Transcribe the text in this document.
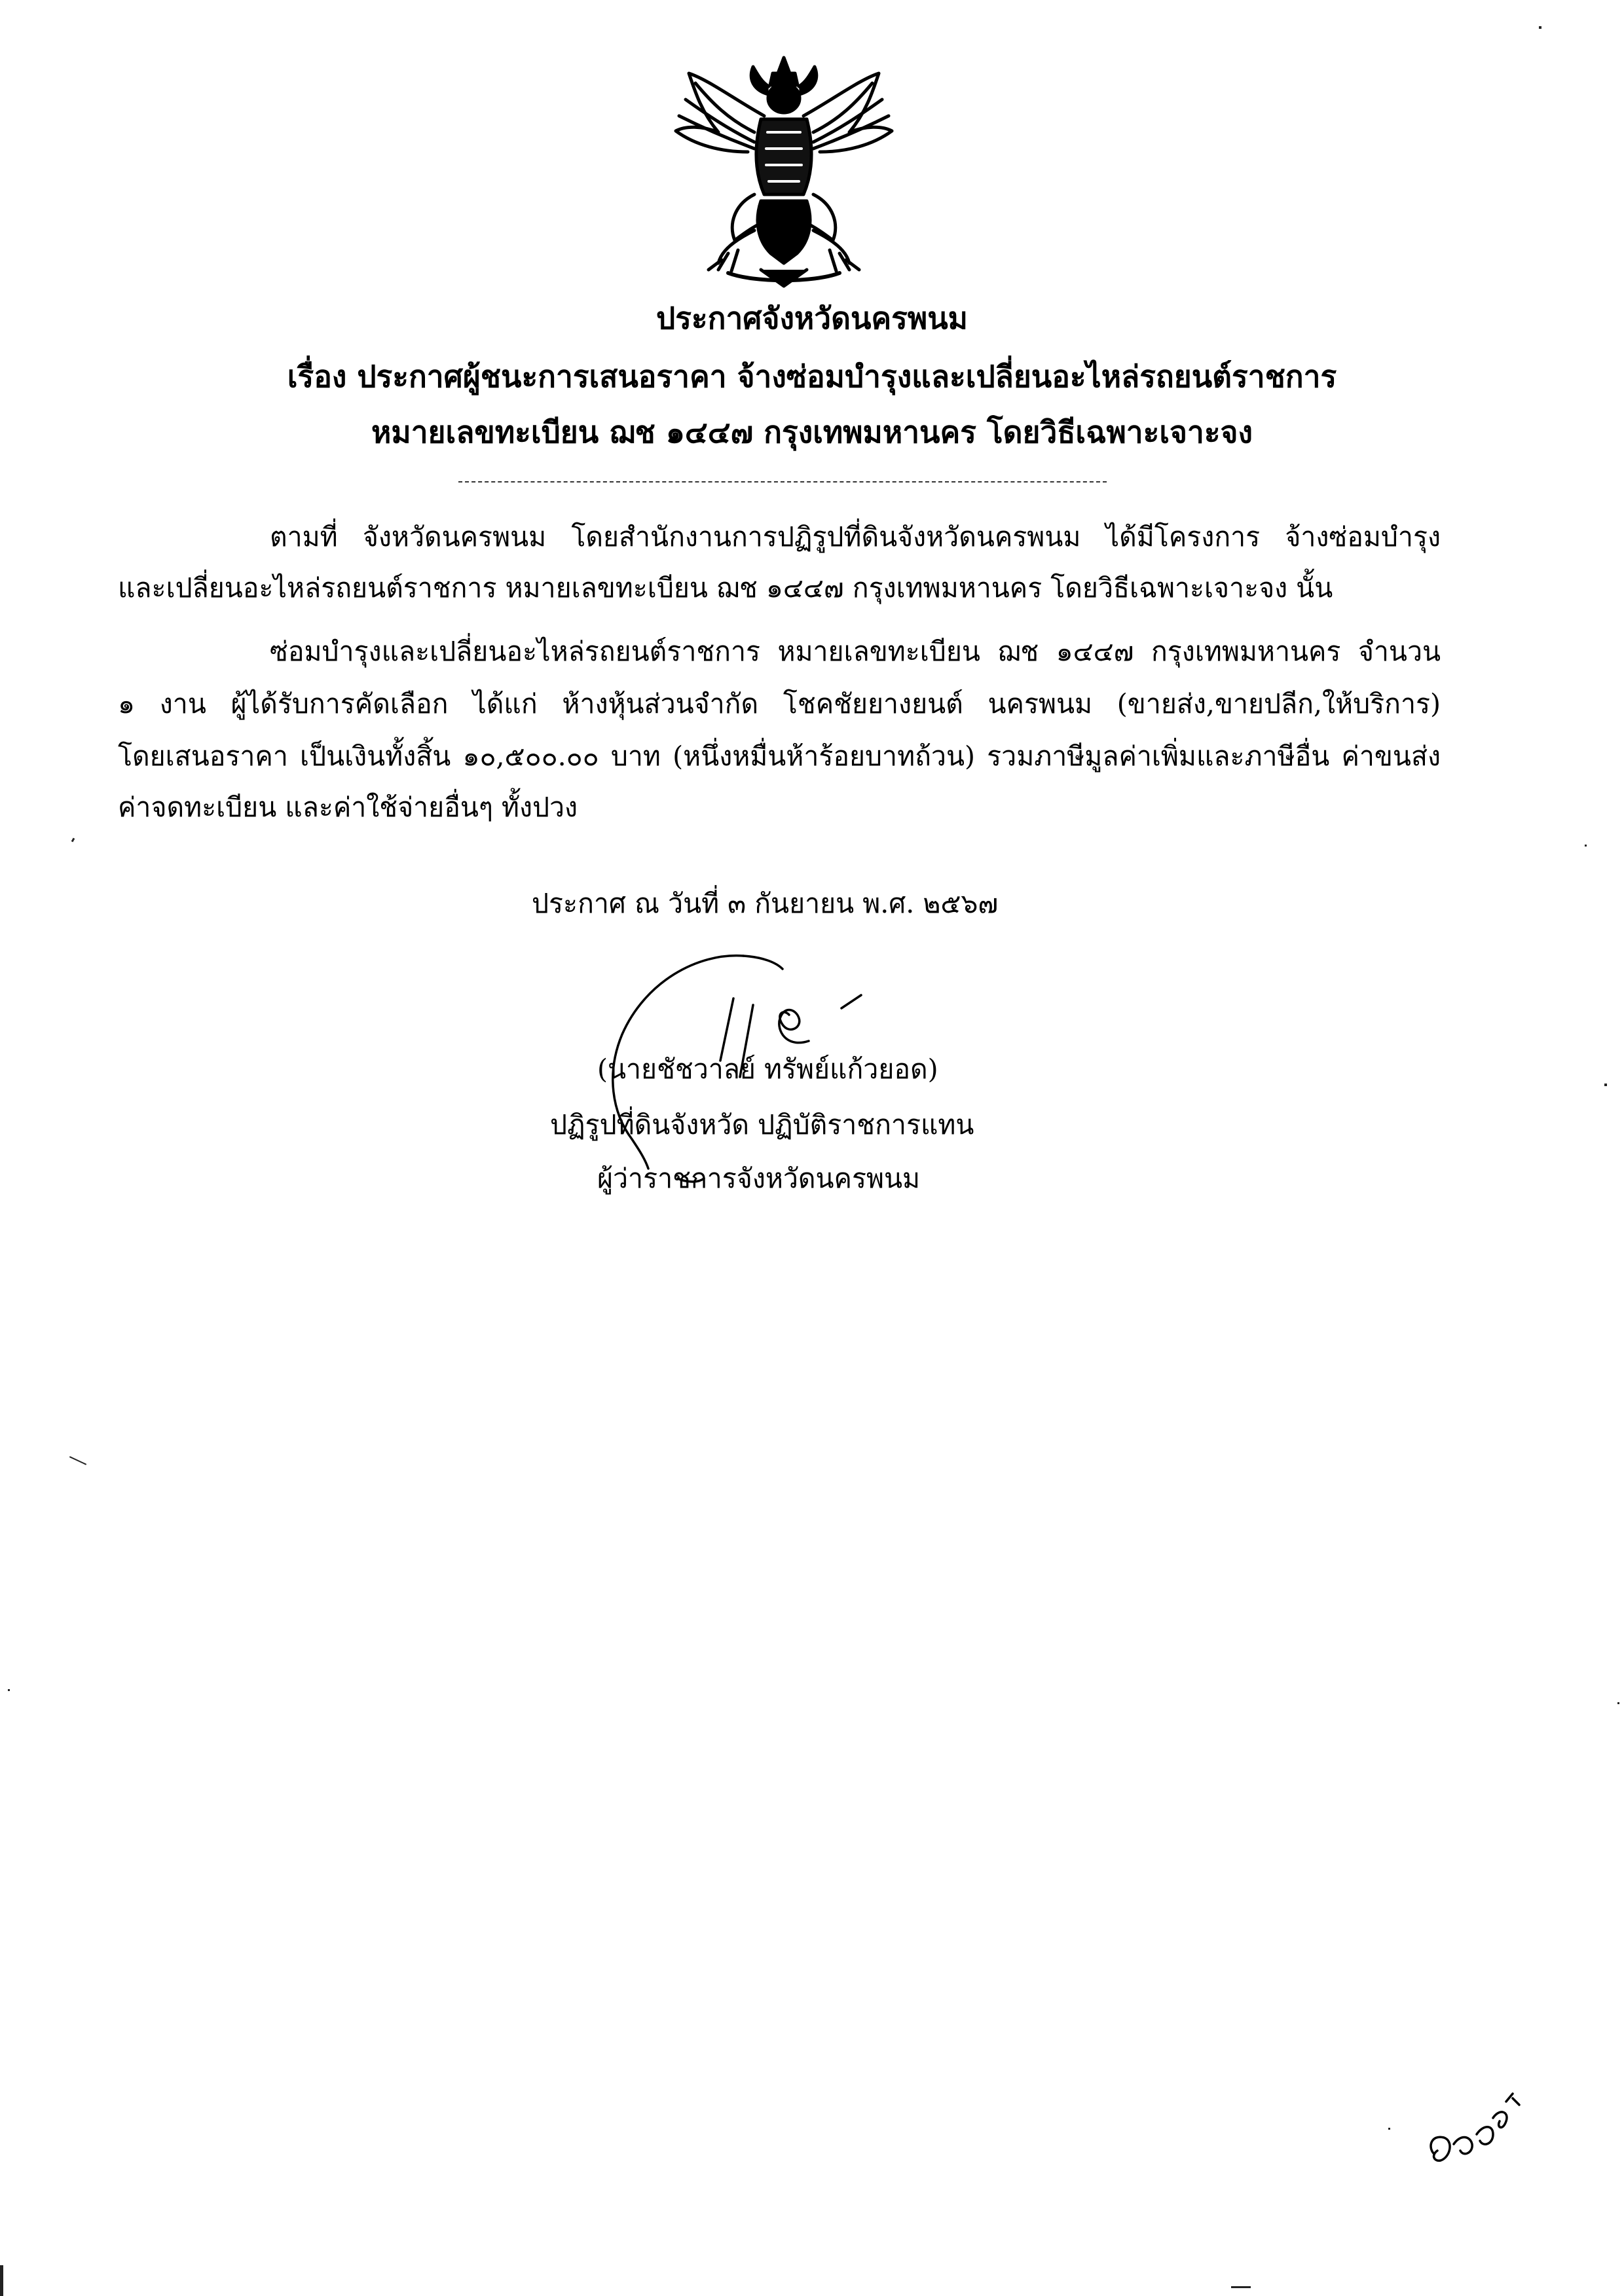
ประกาศจังหวัดนครพนม
เรื่อง ประกาศผู้ชนะการเสนอราคา จ้างซ่อมบำรุงและเปลี่ยนอะไหล่รถยนต์ราชการ
หมายเลขทะเบียน ฌช ๑๔๔๗ กรุงเทพมหานคร โดยวิธีเฉพาะเจาะจง
ตามที่ จังหวัดนครพนม โดยสำนักงานการปฏิรูปที่ดินจังหวัดนครพนม ได้มีโครงการ จ้างซ่อมบำรุง
และเปลี่ยนอะไหล่รถยนต์ราชการ หมายเลขทะเบียน ฌช ๑๔๔๗ กรุงเทพมหานคร โดยวิธีเฉพาะเจาะจง นั้น
ซ่อมบำรุงและเปลี่ยนอะไหล่รถยนต์ราชการ หมายเลขทะเบียน ฌช ๑๔๔๗ กรุงเทพมหานคร จำนวน
๑ งาน ผู้ได้รับการคัดเลือก ได้แก่ ห้างหุ้นส่วนจำกัด โชคชัยยางยนต์ นครพนม (ขายส่ง,ขายปลีก,ให้บริการ)
โดยเสนอราคา เป็นเงินทั้งสิ้น ๑๐,๕๐๐.๐๐ บาท (หนึ่งหมื่นห้าร้อยบาทถ้วน) รวมภาษีมูลค่าเพิ่มและภาษีอื่น ค่าขนส่ง
ค่าจดทะเบียน และค่าใช้จ่ายอื่นๆ ทั้งปวง
ประกาศ ณ วันที่ ๓ กันยายน พ.ศ. ๒๕๖๗
(นายชัชวาลย์ ทรัพย์แก้วยอด)
ปฏิรูปที่ดินจังหวัด ปฏิบัติราชการแทน
ผู้ว่าราชการจังหวัดนครพนม
